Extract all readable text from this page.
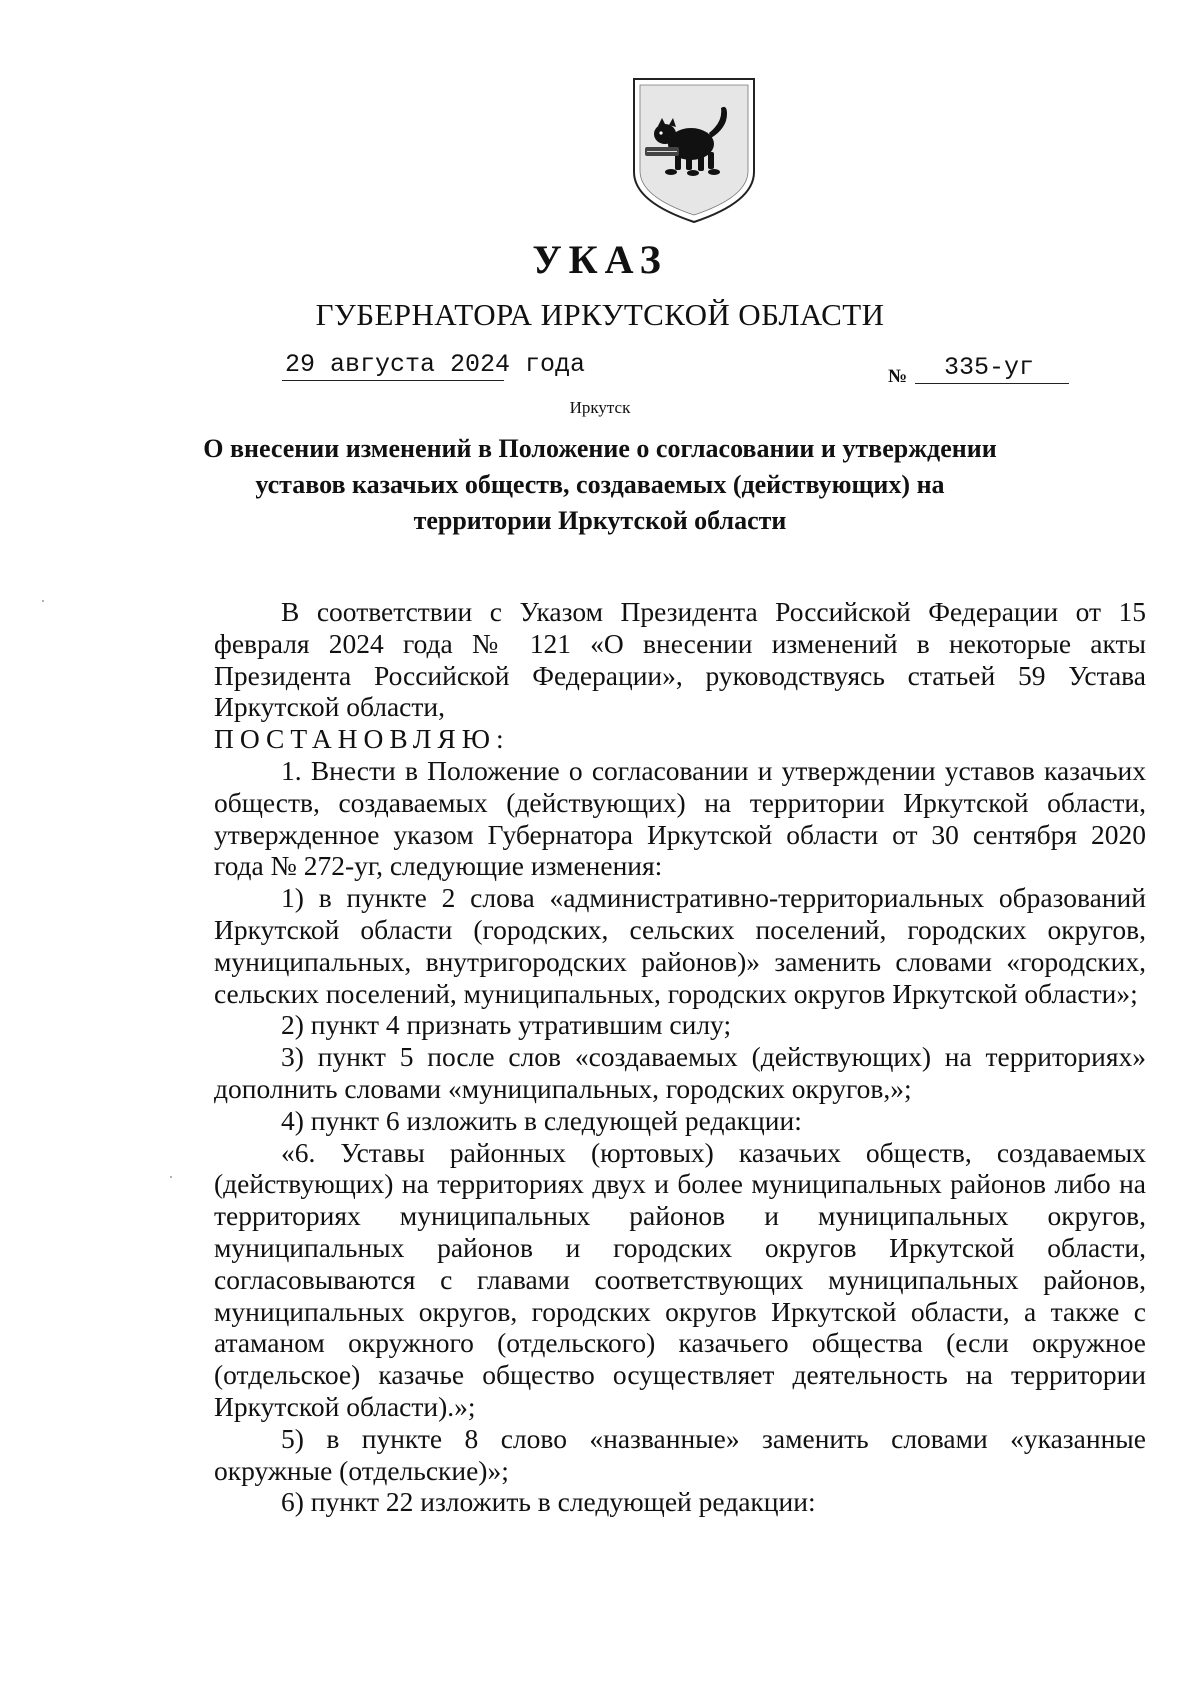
УКАЗ
ГУБЕРНАТОРА ИРКУТСКОЙ ОБЛАСТИ
29 августа 2024 года	№ 335-уг
Иркутск
О внесении изменений в Положение о согласовании и утверждении уставов казачьих обществ, создаваемых (действующих) на территории Иркутской области

В соответствии с Указом Президента Российской Федерации от 15 февраля 2024 года № 121 «О внесении изменений в некоторые акты Президента Российской Федерации», руководствуясь статьей 59 Устава Иркутской области,

ПОСТАНОВЛЯЮ:

1. Внести в Положение о согласовании и утверждении уставов казачьих обществ, создаваемых (действующих) на территории Иркутской области, утвержденное указом Губернатора Иркутской области от 30 сентября 2020 года № 272-уг, следующие изменения:

1) в пункте 2 слова «административно-территориальных образований Иркутской области (городских, сельских поселений, городских округов, муниципальных, внутригородских районов)» заменить словами «городских, сельских поселений, муниципальных, городских округов Иркутской области»;

2) пункт 4 признать утратившим силу;

3) пункт 5 после слов «создаваемых (действующих) на территориях» дополнить словами «муниципальных, городских округов,»;

4) пункт 6 изложить в следующей редакции:

«6. Уставы районных (юртовых) казачьих обществ, создаваемых (действующих) на территориях двух и более муниципальных районов либо на территориях муниципальных районов и муниципальных округов, муниципальных районов и городских округов Иркутской области, согласовываются с главами соответствующих муниципальных районов, муниципальных округов, городских округов Иркутской области, а также с атаманом окружного (отдельского) казачьего общества (если окружное (отдельское) казачье общество осуществляет деятельность на территории Иркутской области).»;

5) в пункте 8 слово «названные» заменить словами «указанные окружные (отдельские)»;

6) пункт 22 изложить в следующей редакции:
